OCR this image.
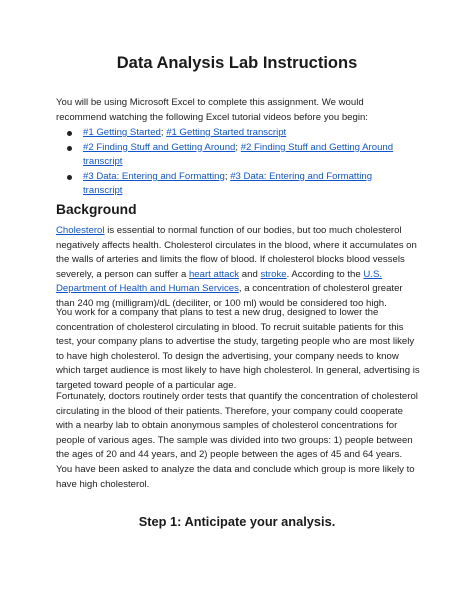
Data Analysis Lab Instructions

You will be using Microsoft Excel to complete this assignment. We would recommend watching the following Excel tutorial videos before you begin:

#1 Getting Started; #1 Getting Started transcript
#2 Finding Stuff and Getting Around; #2 Finding Stuff and Getting Around transcript
#3 Data: Entering and Formatting; #3 Data: Entering and Formatting transcript
Background

Cholesterol is essential to normal function of our bodies, but too much cholesterol negatively affects health. Cholesterol circulates in the blood, where it accumulates on the walls of arteries and limits the flow of blood. If cholesterol blocks blood vessels severely, a person can suffer a heart attack and stroke. According to the U.S. Department of Health and Human Services, a concentration of cholesterol greater than 240 mg (milligram)/dL (deciliter, or 100 ml) would be considered too high.

You work for a company that plans to test a new drug, designed to lower the concentration of cholesterol circulating in blood. To recruit suitable patients for this test, your company plans to advertise the study, targeting people who are most likely to have high cholesterol. To design the advertising, your company needs to know which target audience is most likely to have high cholesterol. In general, advertising is targeted toward people of a particular age.

Fortunately, doctors routinely order tests that quantify the concentration of cholesterol circulating in the blood of their patients. Therefore, your company could cooperate with a nearby lab to obtain anonymous samples of cholesterol concentrations for people of various ages. The sample was divided into two groups: 1) people between the ages of 20 and 44 years, and 2) people between the ages of 45 and 64 years. You have been asked to analyze the data and conclude which group is more likely to have high cholesterol.

Step 1: Anticipate your analysis.
